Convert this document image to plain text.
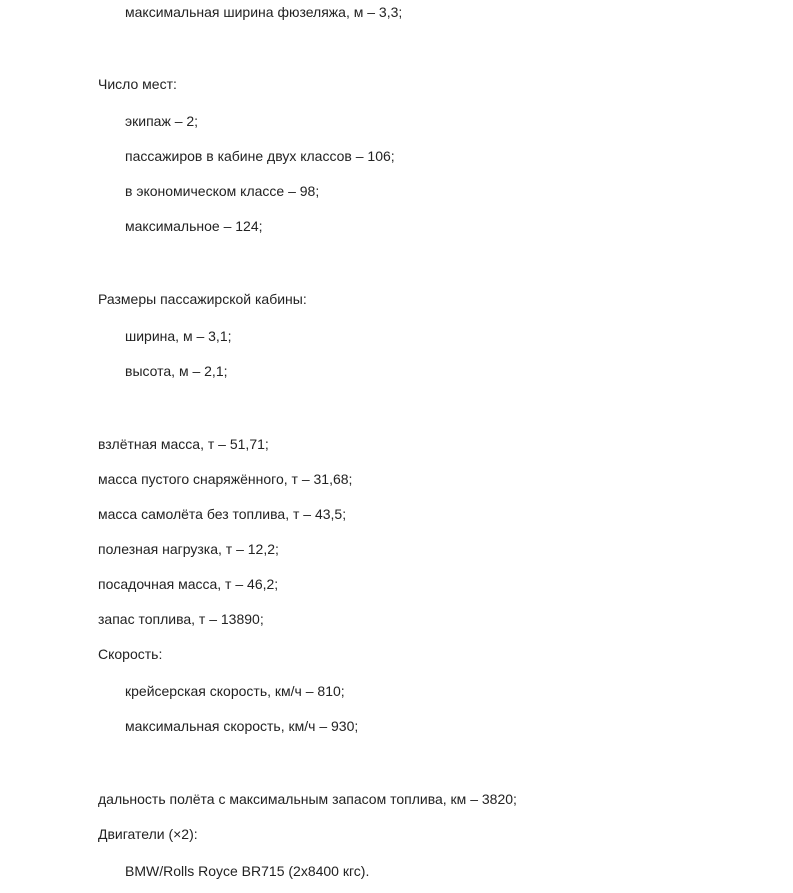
максимальная ширина фюзеляжа, м – 3,3;
Число мест:
экипаж – 2;
пассажиров в кабине двух классов – 106;
в экономическом классе – 98;
максимальное – 124;
Размеры пассажирской кабины:
ширина, м – 3,1;
высота, м – 2,1;
взлётная масса, т – 51,71;
масса пустого снаряжённого, т – 31,68;
масса самолёта без топлива, т – 43,5;
полезная нагрузка, т – 12,2;
посадочная масса, т – 46,2;
запас топлива, т – 13890;
Скорость:
крейсерская скорость, км/ч – 810;
максимальная скорость, км/ч – 930;
дальность полёта с максимальным запасом топлива, км – 3820;
Двигатели (×2):
BMW/Rolls Royce BR715 (2x8400 кгс).
